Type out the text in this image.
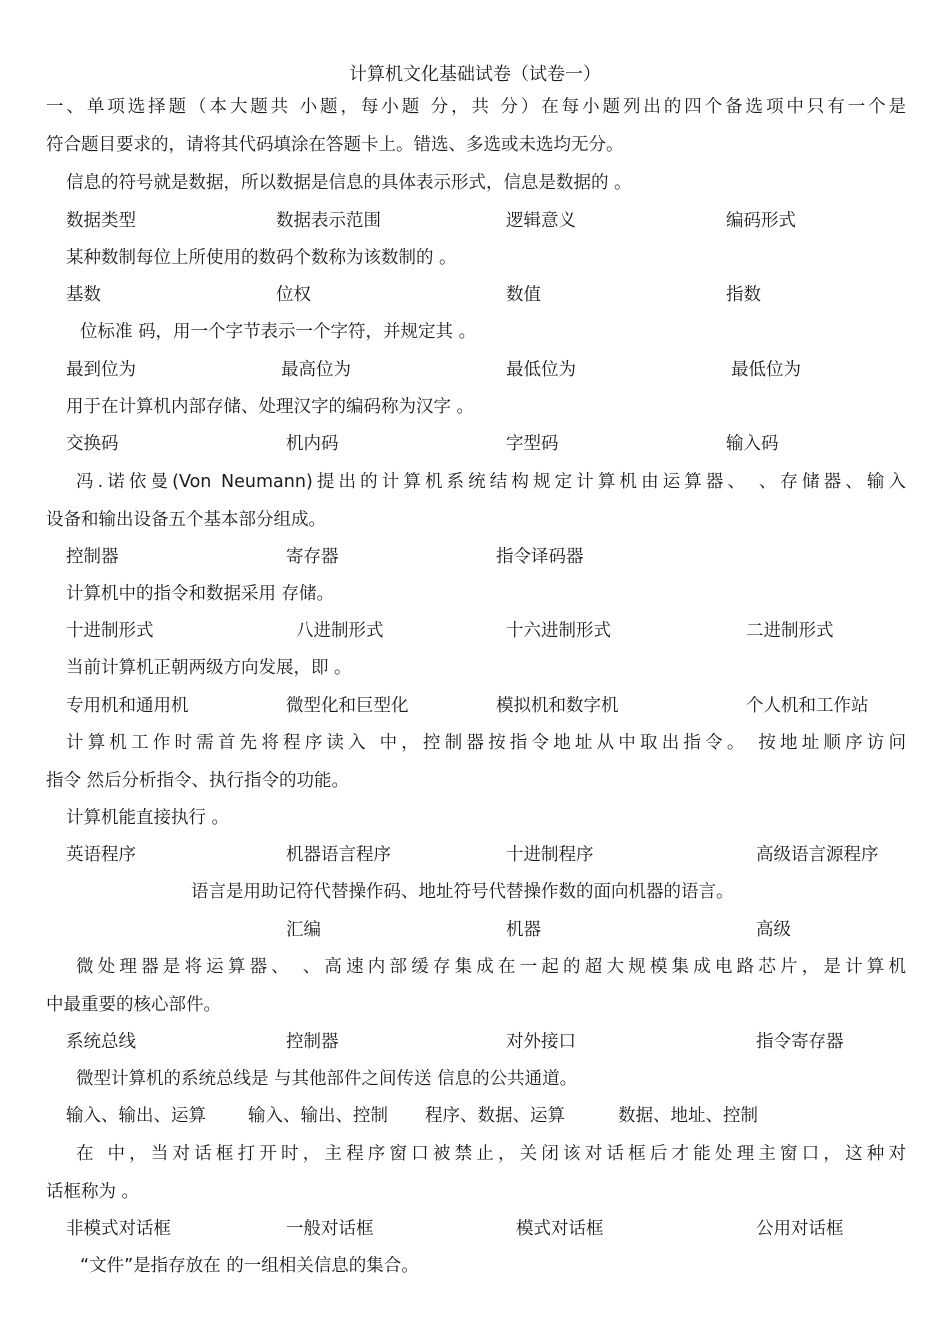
计算机文化基础试卷（试卷一）
一、单项选择题（本大题共 小题，每小题 分，共 分）在每小题列出的四个备选项中只有一个是
符合题目要求的，请将其代码填涂在答题卡上。错选、多选或未选均无分。
信息的符号就是数据，所以数据是信息的具体表示形式，信息是数据的 。
数据类型	数据表示范围	逻辑意义	编码形式
某种数制每位上所使用的数码个数称为该数制的 。
基数	位权	数值	指数
位标准 码，用一个字节表示一个字符，并规定其 。
最到位为	最高位为	最低位为	最低位为
用于在计算机内部存储、处理汉字的编码称为汉字 。
交换码	机内码	字型码	输入码
冯.诺依曼(Von Neumann)提出的计算机系统结构规定计算机由运算器、 、存储器、输入
设备和输出设备五个基本部分组成。
控制器	寄存器	指令译码器
计算机中的指令和数据采用 存储。
十进制形式	八进制形式	十六进制形式	二进制形式
当前计算机正朝两级方向发展，即 。
专用机和通用机	微型化和巨型化	模拟机和数字机	个人机和工作站
计算机工作时需首先将程序读入 中，控制器按指令地址从中取出指令。 按地址顺序访问
指令 然后分析指令、执行指令的功能。
计算机能直接执行 。
英语程序	机器语言程序	十进制程序	高级语言源程序
语言是用助记符代替操作码、地址符号代替操作数的面向机器的语言。
汇编	机器	高级
微处理器是将运算器、 、高速内部缓存集成在一起的超大规模集成电路芯片，是计算机
中最重要的核心部件。
系统总线	控制器	对外接口	指令寄存器
微型计算机的系统总线是 与其他部件之间传送 信息的公共通道。
输入、输出、运算 输入、输出、控制 程序、数据、运算	数据、地址、控制
在 中，当对话框打开时，主程序窗口被禁止，关闭该对话框后才能处理主窗口，这种对
话框称为 。
非模式对话框	一般对话框	模式对话框	公用对话框
“文件”是指存放在 的一组相关信息的集合。
